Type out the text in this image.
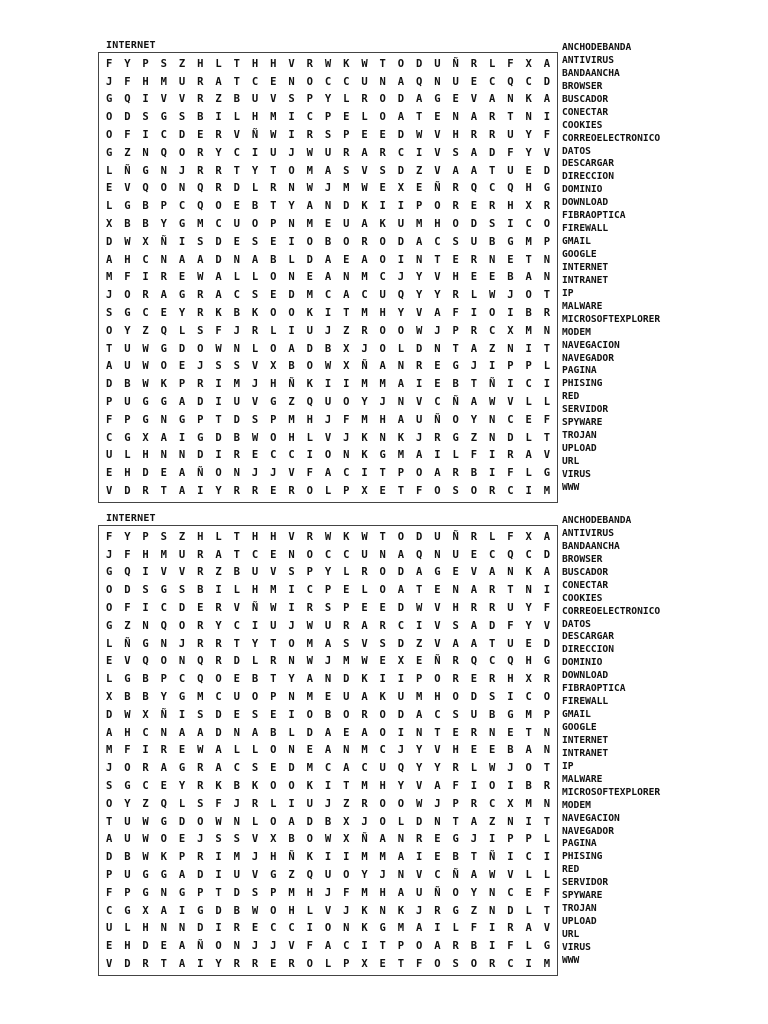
INTERNET
F	Y	P	S	Z	H	L	T	H	H	V	R	W	K	W	T	O	D	U	Ñ	R	L	F	X	A
J	F	H	M	U	R	A	T	C	E	N	O	C	C	U	N	A	Q	N	U	E	C	Q	C	D
G	Q	I	V	V	R	Z	B	U	V	S	P	Y	L	R	O	D	A	G	E	V	A	N	K	A
O	D	S	G	S	B	I	L	H	M	I	C	P	E	L	O	A	T	E	N	A	R	T	N	I
O	F	I	C	D	E	R	V	Ñ	W	I	R	S	P	E	E	D	W	V	H	R	R	U	Y	F
G	Z	N	Q	O	R	Y	C	I	U	J	W	U	R	A	R	C	I	V	S	A	D	F	Y	V
L	Ñ	G	N	J	R	R	T	Y	T	O	M	A	S	V	S	D	Z	V	A	A	T	U	E	D
E	V	Q	O	N	Q	R	D	L	R	N	W	J	M	W	E	X	E	Ñ	R	Q	C	Q	H	G
L	G	B	P	C	Q	O	E	B	T	Y	A	N	D	K	I	I	P	O	R	E	R	H	X	R
X	B	B	Y	G	M	C	U	O	P	N	M	E	U	A	K	U	M	H	O	D	S	I	C	O
D	W	X	Ñ	I	S	D	E	S	E	I	O	B	O	R	O	D	A	C	S	U	B	G	M	P
A	H	C	N	A	A	D	N	A	B	L	D	A	E	A	O	I	N	T	E	R	N	E	T	N
M	F	I	R	E	W	A	L	L	O	N	E	A	N	M	C	J	Y	V	H	E	E	B	A	N
J	O	R	A	G	R	A	C	S	E	D	M	C	A	C	U	Q	Y	Y	R	L	W	J	O	T
S	G	C	E	Y	R	K	B	K	O	O	K	I	T	M	H	Y	V	A	F	I	O	I	B	R
O	Y	Z	Q	L	S	F	J	R	L	I	U	J	Z	R	O	O	W	J	P	R	C	X	M	N
T	U	W	G	D	O	W	N	L	O	A	D	B	X	J	O	L	D	N	T	A	Z	N	I	T
A	U	W	O	E	J	S	S	V	X	B	O	W	X	Ñ	A	N	R	E	G	J	I	P	P	L
D	B	W	K	P	R	I	M	J	H	Ñ	K	I	I	M	M	A	I	E	B	T	Ñ	I	C	I
P	U	G	G	A	D	I	U	V	G	Z	Q	U	O	Y	J	N	V	C	Ñ	A	W	V	L	L
F	P	G	N	G	P	T	D	S	P	M	H	J	F	M	H	A	U	Ñ	O	Y	N	C	E	F
C	G	X	A	I	G	D	B	W	O	H	L	V	J	K	N	K	J	R	G	Z	N	D	L	T
U	L	H	N	N	D	I	R	E	C	C	I	O	N	K	G	M	A	I	L	F	I	R	A	V
E	H	D	E	A	Ñ	O	N	J	J	V	F	A	C	I	T	P	O	A	R	B	I	F	L	G
V	D	R	T	A	I	Y	R	R	E	R	O	L	P	X	E	T	F	O	S	O	R	C	I	M
ANCHODEBANDA
ANTIVIRUS
BANDAANCHA
BROWSER
BUSCADOR
CONECTAR
COOKIES
CORREOELECTRONICO
DATOS
DESCARGAR
DIRECCION
DOMINIO
DOWNLOAD
FIBRAOPTICA
FIREWALL
GMAIL
GOOGLE
INTERNET
INTRANET
IP
MALWARE
MICROSOFTEXPLORER
MODEM
NAVEGACION
NAVEGADOR
PAGINA
PHISING
RED
SERVIDOR
SPYWARE
TROJAN
UPLOAD
URL
VIRUS
WWW
INTERNET
F	Y	P	S	Z	H	L	T	H	H	V	R	W	K	W	T	O	D	U	Ñ	R	L	F	X	A
J	F	H	M	U	R	A	T	C	E	N	O	C	C	U	N	A	Q	N	U	E	C	Q	C	D
G	Q	I	V	V	R	Z	B	U	V	S	P	Y	L	R	O	D	A	G	E	V	A	N	K	A
O	D	S	G	S	B	I	L	H	M	I	C	P	E	L	O	A	T	E	N	A	R	T	N	I
O	F	I	C	D	E	R	V	Ñ	W	I	R	S	P	E	E	D	W	V	H	R	R	U	Y	F
G	Z	N	Q	O	R	Y	C	I	U	J	W	U	R	A	R	C	I	V	S	A	D	F	Y	V
L	Ñ	G	N	J	R	R	T	Y	T	O	M	A	S	V	S	D	Z	V	A	A	T	U	E	D
E	V	Q	O	N	Q	R	D	L	R	N	W	J	M	W	E	X	E	Ñ	R	Q	C	Q	H	G
L	G	B	P	C	Q	O	E	B	T	Y	A	N	D	K	I	I	P	O	R	E	R	H	X	R
X	B	B	Y	G	M	C	U	O	P	N	M	E	U	A	K	U	M	H	O	D	S	I	C	O
D	W	X	Ñ	I	S	D	E	S	E	I	O	B	O	R	O	D	A	C	S	U	B	G	M	P
A	H	C	N	A	A	D	N	A	B	L	D	A	E	A	O	I	N	T	E	R	N	E	T	N
M	F	I	R	E	W	A	L	L	O	N	E	A	N	M	C	J	Y	V	H	E	E	B	A	N
J	O	R	A	G	R	A	C	S	E	D	M	C	A	C	U	Q	Y	Y	R	L	W	J	O	T
S	G	C	E	Y	R	K	B	K	O	O	K	I	T	M	H	Y	V	A	F	I	O	I	B	R
O	Y	Z	Q	L	S	F	J	R	L	I	U	J	Z	R	O	O	W	J	P	R	C	X	M	N
T	U	W	G	D	O	W	N	L	O	A	D	B	X	J	O	L	D	N	T	A	Z	N	I	T
A	U	W	O	E	J	S	S	V	X	B	O	W	X	Ñ	A	N	R	E	G	J	I	P	P	L
D	B	W	K	P	R	I	M	J	H	Ñ	K	I	I	M	M	A	I	E	B	T	Ñ	I	C	I
P	U	G	G	A	D	I	U	V	G	Z	Q	U	O	Y	J	N	V	C	Ñ	A	W	V	L	L
F	P	G	N	G	P	T	D	S	P	M	H	J	F	M	H	A	U	Ñ	O	Y	N	C	E	F
C	G	X	A	I	G	D	B	W	O	H	L	V	J	K	N	K	J	R	G	Z	N	D	L	T
U	L	H	N	N	D	I	R	E	C	C	I	O	N	K	G	M	A	I	L	F	I	R	A	V
E	H	D	E	A	Ñ	O	N	J	J	V	F	A	C	I	T	P	O	A	R	B	I	F	L	G
V	D	R	T	A	I	Y	R	R	E	R	O	L	P	X	E	T	F	O	S	O	R	C	I	M
ANCHODEBANDA
ANTIVIRUS
BANDAANCHA
BROWSER
BUSCADOR
CONECTAR
COOKIES
CORREOELECTRONICO
DATOS
DESCARGAR
DIRECCION
DOMINIO
DOWNLOAD
FIBRAOPTICA
FIREWALL
GMAIL
GOOGLE
INTERNET
INTRANET
IP
MALWARE
MICROSOFTEXPLORER
MODEM
NAVEGACION
NAVEGADOR
PAGINA
PHISING
RED
SERVIDOR
SPYWARE
TROJAN
UPLOAD
URL
VIRUS
WWW
